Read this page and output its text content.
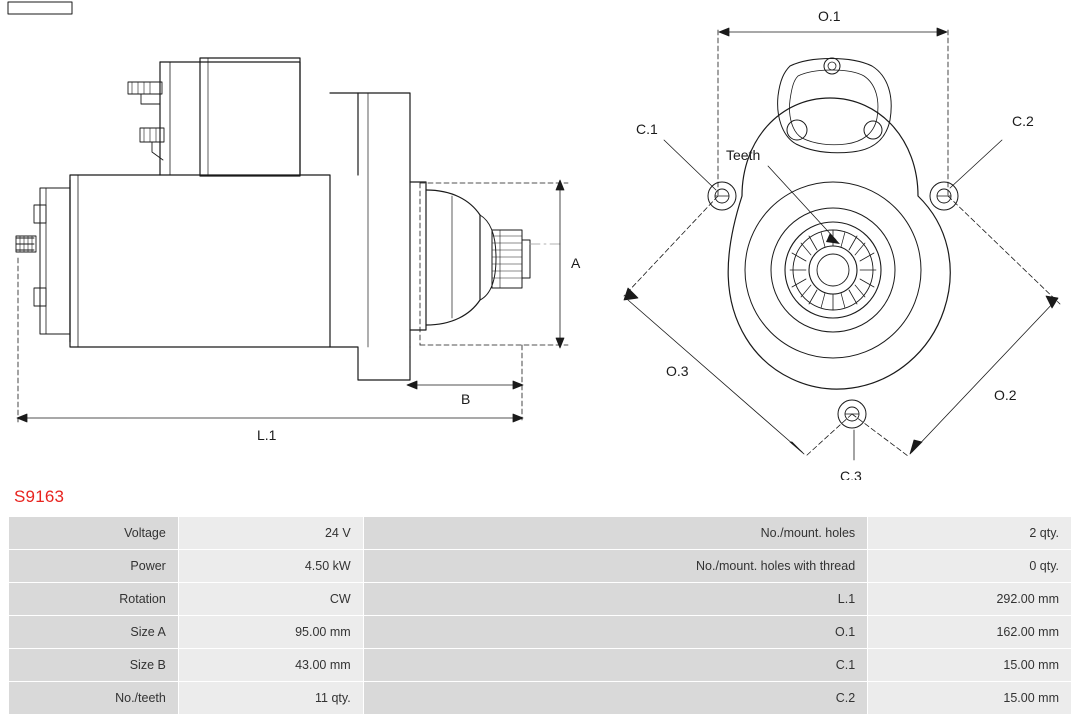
A
B
L.1
O.1
O.2
O.3
C.1	C.2
C.3
Teeth
S9163
Voltage	24 V	No./mount. holes	2 qty.
Power	4.50 kW	No./mount. holes with thread	0 qty.
Rotation	CW	L.1	292.00 mm
Size A	95.00 mm	O.1	162.00 mm
Size B	43.00 mm	C.1	15.00 mm
No./teeth	11 qty.	C.2	15.00 mm
